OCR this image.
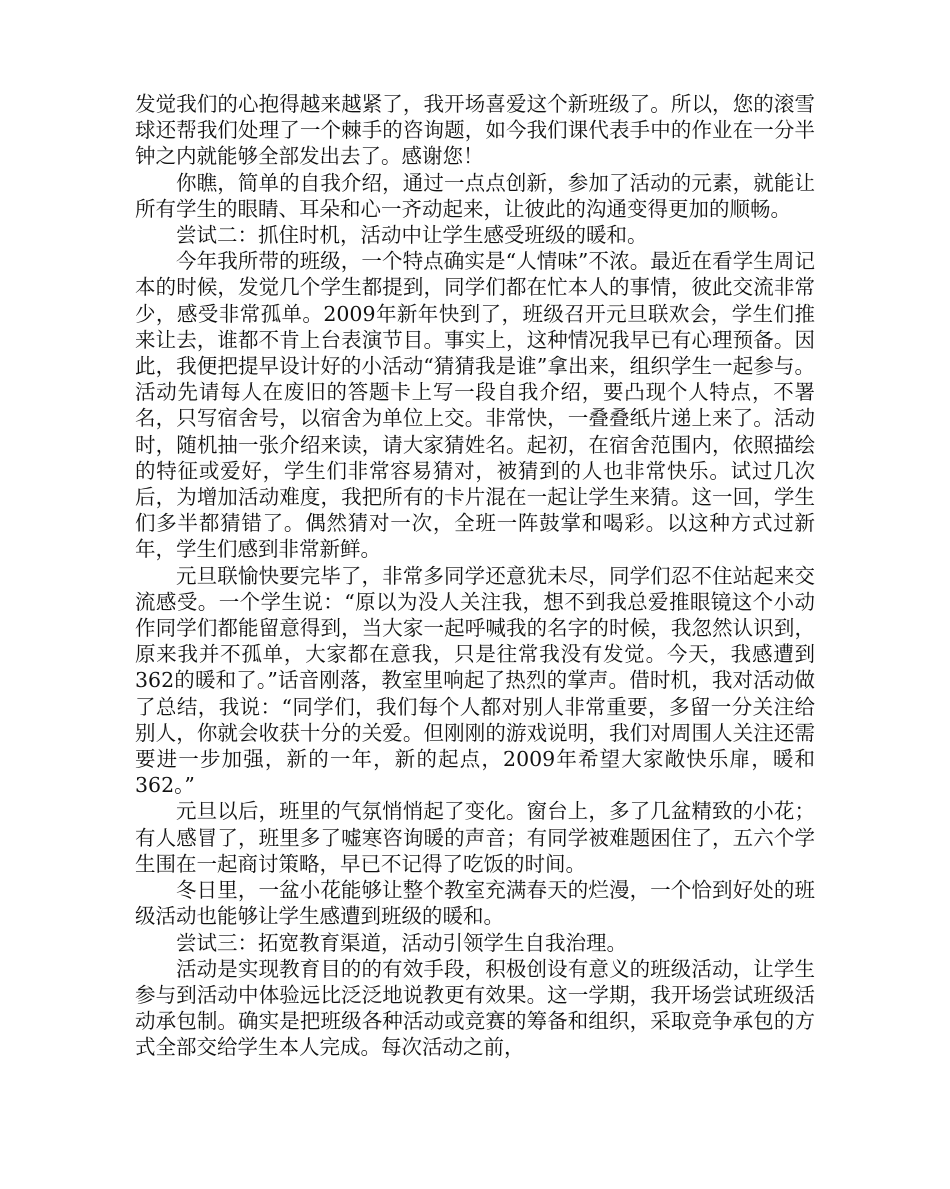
发觉我们的心抱得越来越紧了，我开场喜爱这个新班级了。所以，您的滚雪球还帮我们处理了一个棘手的咨询题，如今我们课代表手中的作业在一分半钟之内就能够全部发出去了。感谢您！

你瞧，简单的自我介绍，通过一点点创新，参加了活动的元素，就能让所有学生的眼睛、耳朵和心一齐动起来，让彼此的沟通变得更加的顺畅。

尝试二：抓住时机，活动中让学生感受班级的暖和。

今年我所带的班级，一个特点确实是“人情味”不浓。最近在看学生周记本的时候，发觉几个学生都提到，同学们都在忙本人的事情，彼此交流非常少，感受非常孤单。2009年新年快到了，班级召开元旦联欢会，学生们推来让去，谁都不肯上台表演节目。事实上，这种情况我早已有心理预备。因此，我便把提早设计好的小活动“猜猜我是谁”拿出来，组织学生一起参与。活动先请每人在废旧的答题卡上写一段自我介绍，要凸现个人特点，不署名，只写宿舍号，以宿舍为单位上交。非常快，一叠叠纸片递上来了。活动时，随机抽一张介绍来读，请大家猜姓名。起初，在宿舍范围内，依照描绘的特征或爱好，学生们非常容易猜对，被猜到的人也非常快乐。试过几次后，为增加活动难度，我把所有的卡片混在一起让学生来猜。这一回，学生们多半都猜错了。偶然猜对一次，全班一阵鼓掌和喝彩。以这种方式过新年，学生们感到非常新鲜。

元旦联愉快要完毕了，非常多同学还意犹未尽，同学们忍不住站起来交流感受。一个学生说：“原以为没人关注我，想不到我总爱推眼镜这个小动作同学们都能留意得到，当大家一起呼喊我的名字的时候，我忽然认识到，原来我并不孤单，大家都在意我，只是往常我没有发觉。今天，我感遭到362的暖和了。”话音刚落，教室里响起了热烈的掌声。借时机，我对活动做了总结，我说：“同学们，我们每个人都对别人非常重要，多留一分关注给别人，你就会收获十分的关爱。但刚刚的游戏说明，我们对周围人关注还需要进一步加强，新的一年，新的起点，2009年希望大家敞快乐扉，暖和362。”

元旦以后，班里的气氛悄悄起了变化。窗台上，多了几盆精致的小花；有人感冒了，班里多了嘘寒咨询暖的声音；有同学被难题困住了，五六个学生围在一起商讨策略，早已不记得了吃饭的时间。

冬日里，一盆小花能够让整个教室充满春天的烂漫，一个恰到好处的班级活动也能够让学生感遭到班级的暖和。

尝试三：拓宽教育渠道，活动引领学生自我治理。

活动是实现教育目的的有效手段，积极创设有意义的班级活动，让学生参与到活动中体验远比泛泛地说教更有效果。这一学期，我开场尝试班级活动承包制。确实是把班级各种活动或竞赛的筹备和组织，采取竞争承包的方式全部交给学生本人完成。每次活动之前，
